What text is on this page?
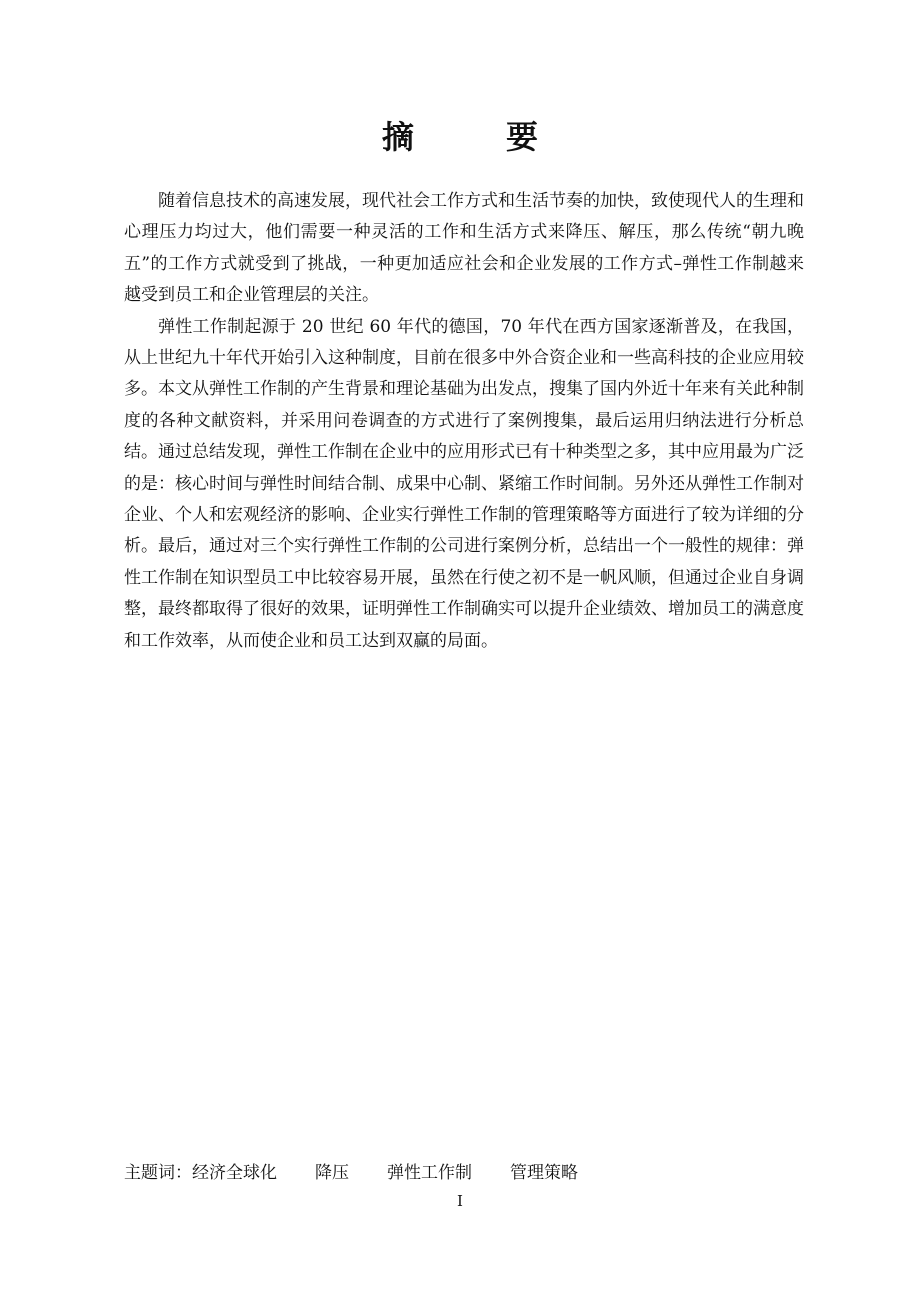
摘　要

随着信息技术的高速发展，现代社会工作方式和生活节奏的加快，致使现代人的生理和心理压力均过大，他们需要一种灵活的工作和生活方式来降压、解压，那么传统“朝九晚五”的工作方式就受到了挑战，一种更加适应社会和企业发展的工作方式–弹性工作制越来越受到员工和企业管理层的关注。

弹性工作制起源于 20 世纪 60 年代的德国，70 年代在西方国家逐渐普及，在我国，从上世纪九十年代开始引入这种制度，目前在很多中外合资企业和一些高科技的企业应用较多。本文从弹性工作制的产生背景和理论基础为出发点，搜集了国内外近十年来有关此种制度的各种文献资料，并采用问卷调查的方式进行了案例搜集，最后运用归纳法进行分析总结。通过总结发现，弹性工作制在企业中的应用形式已有十种类型之多，其中应用最为广泛的是：核心时间与弹性时间结合制、成果中心制、紧缩工作时间制。另外还从弹性工作制对企业、个人和宏观经济的影响、企业实行弹性工作制的管理策略等方面进行了较为详细的分析。最后，通过对三个实行弹性工作制的公司进行案例分析，总结出一个一般性的规律：弹性工作制在知识型员工中比较容易开展，虽然在行使之初不是一帆风顺，但通过企业自身调整，最终都取得了很好的效果，证明弹性工作制确实可以提升企业绩效、增加员工的满意度和工作效率，从而使企业和员工达到双赢的局面。

主题词：经济全球化 降压 弹性工作制 管理策略
I
